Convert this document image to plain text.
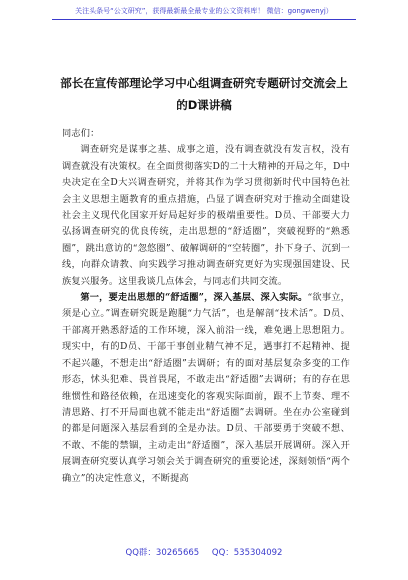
关注头条号“公文研究”，获得最新最全最专业的公文资料库！ 微信：gongwenyj）
部长在宣传部理论学习中心组调查研究专题研讨交流会上
的D课讲稿

同志们：

调查研究是谋事之基、成事之道，没有调查就没有发言权，没有调查就没有决策权。在全面贯彻落实D的二十大精神的开局之年，D中央决定在全D大兴调查研究，并将其作为学习贯彻新时代中国特色社会主义思想主题教育的重点措施，凸显了调查研究对于推动全面建设社会主义现代化国家开好局起好步的极端重要性。D员、干部要大力弘扬调查研究的优良传统，走出思想的“舒适圈”，突破视野的“熟悉圈”，跳出意访的“忽悠圈”、破解调研的“空转圈”，扑下身子、沉到一线，向群众请教、向实践学习推动调查研究更好为实现强国建设、民族复兴服务。这里我谈几点体会，与同志们共同交流。

第一，要走出思想的“舒适圈”，深入基层、深入实际。“欲事立，须是心立。”调查研究既是跑腿“力气活”，也是解剖“技术活”。D员、干部离开熟悉舒适的工作环境，深入前沿一线，难免遇上思想阻力。现实中，有的D员、干部干事创业精气神不足，遇事打不起精神、提不起兴趣，不想走出“舒适圈”去调研；有的面对基层复杂多变的工作形态，怵头犯难、畏首畏尾，不敢走出“舒适圈”去调研；有的存在思维惯性和路径依赖，在迅速变化的客观实际面前，跟不上节奏、理不清思路、打不开局面也就不能走出“舒适圈”去调研。坐在办公室碰到的都是问题深入基层看到的全是办法。D员、干部要勇于突破不想、不敢、不能的禁锢，主动走出“舒适圈”，深入基层开展调研。深入开展调查研究要认真学习领会关于调查研究的重要论述，深刻领悟“两个确立”的决定性意义，不断提高

QQ群：30265665 QQ：535304092
